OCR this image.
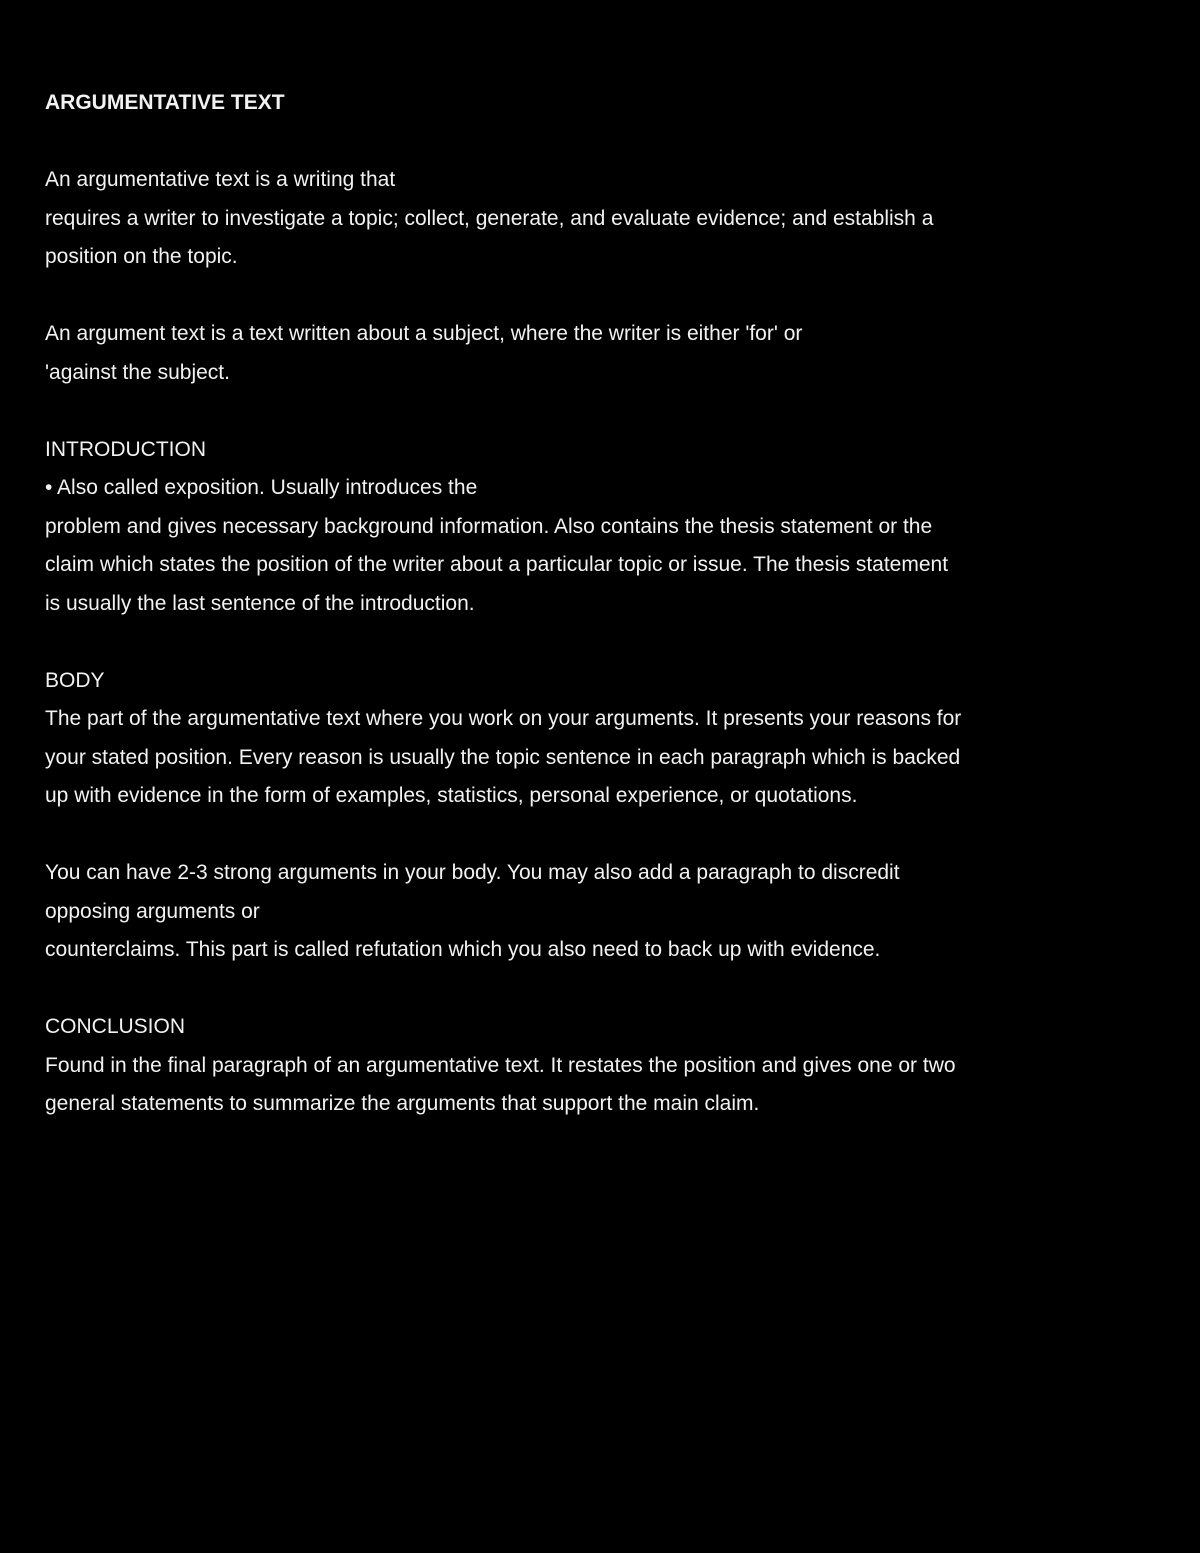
ARGUMENTATIVE TEXT
An argumentative text is a writing that
requires a writer to investigate a topic; collect, generate, and evaluate evidence; and establish a
position on the topic.
An argument text is a text written about a subject, where the writer is either 'for' or
'against the subject.
INTRODUCTION
• Also called exposition. Usually introduces the
problem and gives necessary background information. Also contains the thesis statement or the
claim which states the position of the writer about a particular topic or issue. The thesis statement
is usually the last sentence of the introduction.
BODY
The part of the argumentative text where you work on your arguments. It presents your reasons for
your stated position. Every reason is usually the topic sentence in each paragraph which is backed
up with evidence in the form of examples, statistics, personal experience, or quotations.
You can have 2-3 strong arguments in your body. You may also add a paragraph to discredit
opposing arguments or
counterclaims. This part is called refutation which you also need to back up with evidence.
CONCLUSION
Found in the final paragraph of an argumentative text. It restates the position and gives one or two
general statements to summarize the arguments that support the main claim.
